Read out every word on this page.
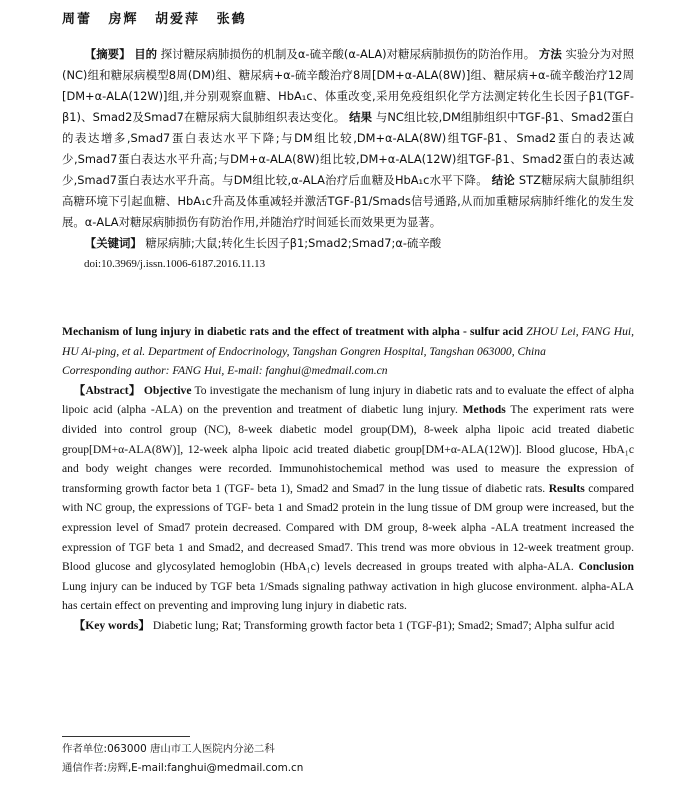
周蕾 房辉 胡爱萍 张鹤

【摘要】 目的 探讨糖尿病肺损伤的机制及α-硫辛酸(α-ALA)对糖尿病肺损伤的防治作用。 方法 实验分为对照(NC)组和糖尿病模型8周(DM)组、糖尿病+α-硫辛酸治疗8周[DM+α-ALA(8W)]组、糖尿病+α-硫辛酸治疗12周[DM+α-ALA(12W)]组,并分别观察血糖、HbA₁c、体重改变,采用免疫组织化学方法测定转化生长因子β1(TGF-β1)、Smad2及Smad7在糖尿病大鼠肺组织表达变化。 结果 与NC组比较,DM组肺组织中TGF-β1、Smad2蛋白的表达增多,Smad7蛋白表达水平下降;与DM组比较,DM+α-ALA(8W)组TGF-β1、Smad2蛋白的表达减少,Smad7蛋白表达水平升高;与DM+α-ALA(8W)组比较,DM+α-ALA(12W)组TGF-β1、Smad2蛋白的表达减少,Smad7蛋白表达水平升高。与DM组比较,α-ALA治疗后血糖及HbA₁c水平下降。 结论 STZ糖尿病大鼠肺组织高糖环境下引起血糖、HbA₁c升高及体重减轻并激活TGF-β1/Smads信号通路,从而加重糖尿病肺纤维化的发生发展。α-ALA对糖尿病肺损伤有防治作用,并随治疗时间延长而效果更为显著。

【关键词】 糖尿病肺;大鼠;转化生长因子β1;Smad2;Smad7;α-硫辛酸

doi:10.3969/j.issn.1006-6187.2016.11.13

Mechanism of lung injury in diabetic rats and the effect of treatment with alpha - sulfur acid ZHOU Lei, FANG Hui, HU Ai-ping, et al. Department of Endocrinology, Tangshan Gongren Hospital, Tangshan 063000, China

Corresponding author: FANG Hui, E-mail: fanghui@medmail.com.cn

【Abstract】 Objective To investigate the mechanism of lung injury in diabetic rats and to evaluate the effect of alpha lipoic acid (alpha -ALA) on the prevention and treatment of diabetic lung injury. Methods The experiment rats were divided into control group (NC), 8-week diabetic model group(DM), 8-week alpha lipoic acid treated diabetic group[DM+α-ALA(8W)], 12-week alpha lipoic acid treated diabetic group[DM+α-ALA(12W)]. Blood glucose, HbA₁c and body weight changes were recorded. Immunohistochemical method was used to measure the expression of transforming growth factor beta 1 (TGF- beta 1), Smad2 and Smad7 in the lung tissue of diabetic rats. Results compared with NC group, the expressions of TGF- beta 1 and Smad2 protein in the lung tissue of DM group were increased, but the expression level of Smad7 protein decreased. Compared with DM group, 8-week alpha -ALA treatment increased the expression of TGF beta 1 and Smad2, and decreased Smad7. This trend was more obvious in 12-week treatment group. Blood glucose and glycosylated hemoglobin (HbA₁c) levels decreased in groups treated with alpha-ALA. Conclusion Lung injury can be induced by TGF beta 1/Smads signaling pathway activation in high glucose environment. alpha-ALA has certain effect on preventing and improving lung injury in diabetic rats.

【Key words】 Diabetic lung; Rat; Transforming growth factor beta 1 (TGF-β1); Smad2; Smad7; Alpha sulfur acid

作者单位:063000 唐山市工人医院内分泌二科
通信作者:房辉,E-mail:fanghui@medmail.com.cn
